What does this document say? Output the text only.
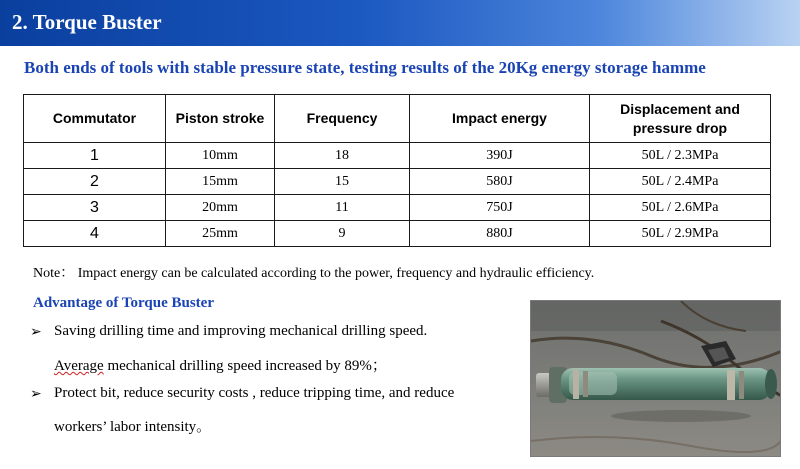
2. Torque Buster
Both ends of tools with stable pressure state, testing results of the 20Kg energy storage hamme
Commutator	Piston stroke	Frequency	Impact energy	Displacement and pressure drop
1	10mm	18	390J	50L / 2.3MPa
2	15mm	15	580J	50L / 2.4MPa
3	20mm	11	750J	50L / 2.6MPa
4	25mm	9	880J	50L / 2.9MPa
Note： Impact energy can be calculated according to the power, frequency and hydraulic efficiency.
Advantage of Torque Buster
➢ Saving drilling time and improving mechanical drilling speed.
Average mechanical drilling speed increased by 89%；
➢ Protect bit, reduce security costs , reduce tripping time, and reduce
workers’ labor intensity。
